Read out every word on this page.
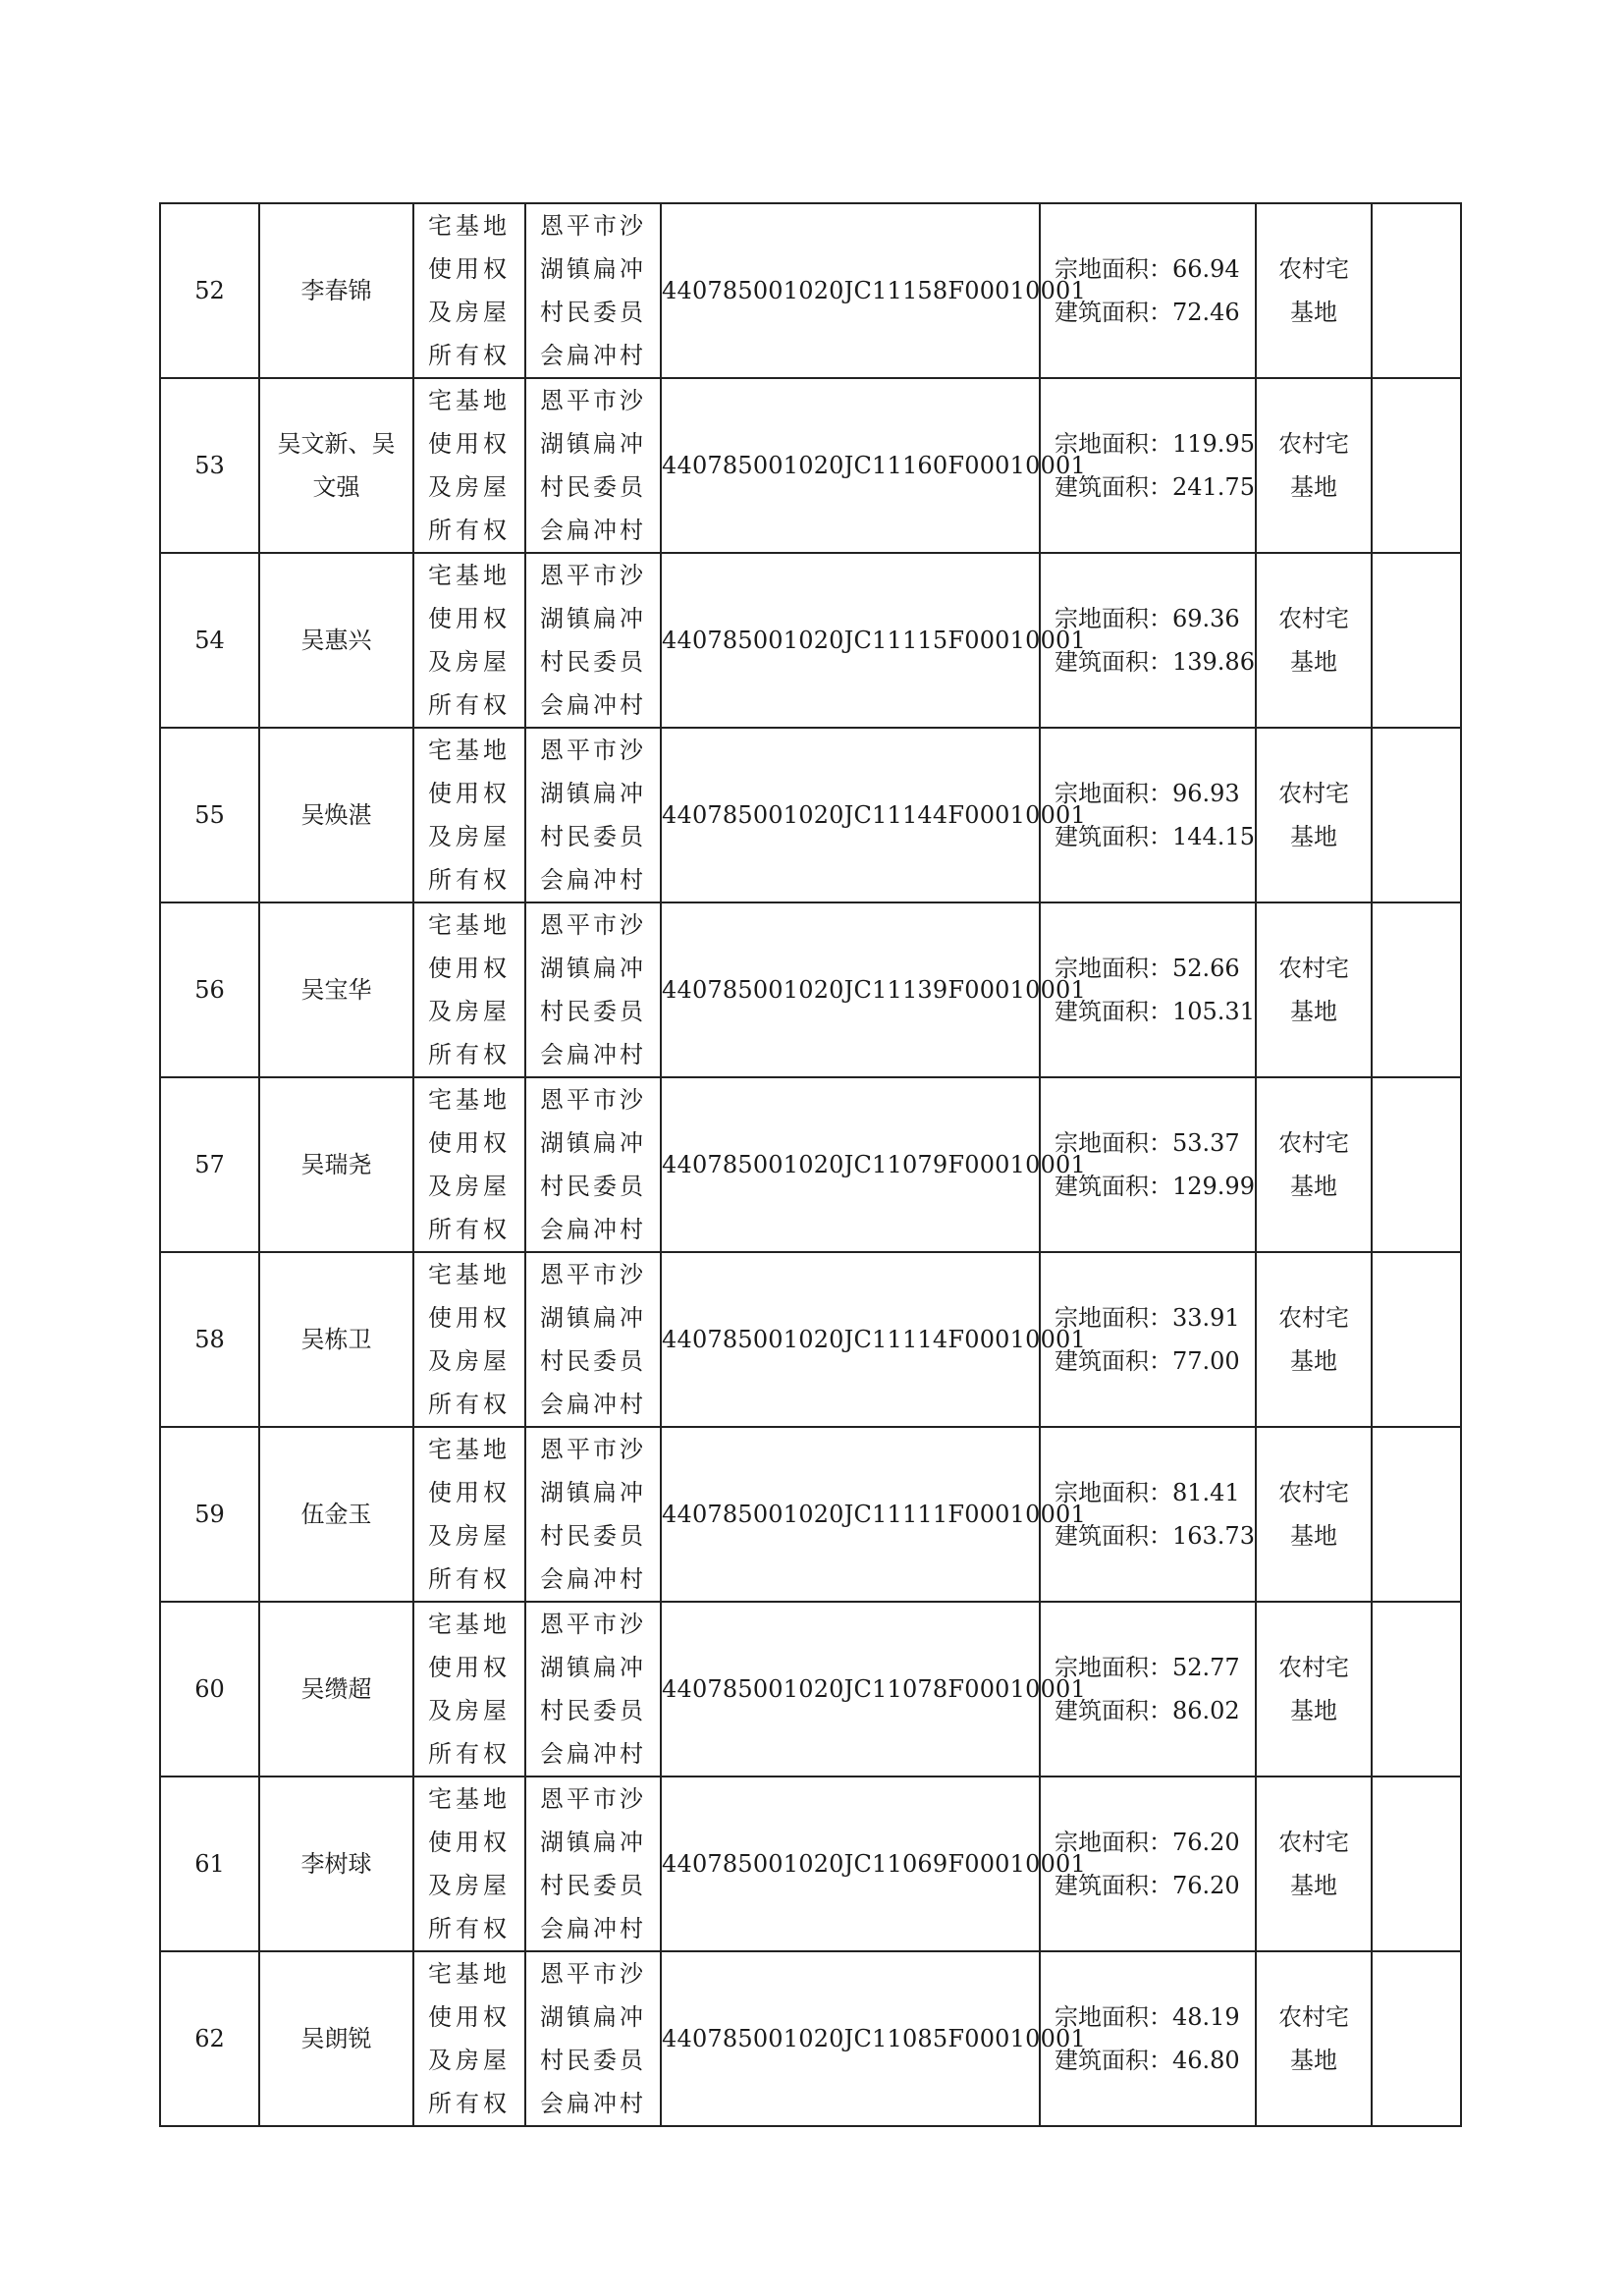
52	李春锦	宅基地
使用权
及房屋
所有权	恩平市沙
湖镇扁冲
村民委员
会扁冲村	440785001020JC11158F00010001	宗地面积：66.94
建筑面积：72.46	农村宅
基地	

53	吴文新、吴文强	宅基地
使用权
及房屋
所有权	恩平市沙
湖镇扁冲
村民委员
会扁冲村	440785001020JC11160F00010001	宗地面积：119.95
建筑面积：241.75	农村宅
基地	

54	吴惠兴	宅基地
使用权
及房屋
所有权	恩平市沙
湖镇扁冲
村民委员
会扁冲村	440785001020JC11115F00010001	宗地面积：69.36
建筑面积：139.86	农村宅
基地	

55	吴焕湛	宅基地
使用权
及房屋
所有权	恩平市沙
湖镇扁冲
村民委员
会扁冲村	440785001020JC11144F00010001	宗地面积：96.93
建筑面积：144.15	农村宅
基地	

56	吴宝华	宅基地
使用权
及房屋
所有权	恩平市沙
湖镇扁冲
村民委员
会扁冲村	440785001020JC11139F00010001	宗地面积：52.66
建筑面积：105.31	农村宅
基地	

57	吴瑞尧	宅基地
使用权
及房屋
所有权	恩平市沙
湖镇扁冲
村民委员
会扁冲村	440785001020JC11079F00010001	宗地面积：53.37
建筑面积：129.99	农村宅
基地	

58	吴栋卫	宅基地
使用权
及房屋
所有权	恩平市沙
湖镇扁冲
村民委员
会扁冲村	440785001020JC11114F00010001	宗地面积：33.91
建筑面积：77.00	农村宅
基地	

59	伍金玉	宅基地
使用权
及房屋
所有权	恩平市沙
湖镇扁冲
村民委员
会扁冲村	440785001020JC11111F00010001	宗地面积：81.41
建筑面积：163.73	农村宅
基地	

60	吴缵超	宅基地
使用权
及房屋
所有权	恩平市沙
湖镇扁冲
村民委员
会扁冲村	440785001020JC11078F00010001	宗地面积：52.77
建筑面积：86.02	农村宅
基地	

61	李树球	宅基地
使用权
及房屋
所有权	恩平市沙
湖镇扁冲
村民委员
会扁冲村	440785001020JC11069F00010001	宗地面积：76.20
建筑面积：76.20	农村宅
基地	

62	吴朗锐	宅基地
使用权
及房屋
所有权	恩平市沙
湖镇扁冲
村民委员
会扁冲村	440785001020JC11085F00010001	宗地面积：48.19
建筑面积：46.80	农村宅
基地	
